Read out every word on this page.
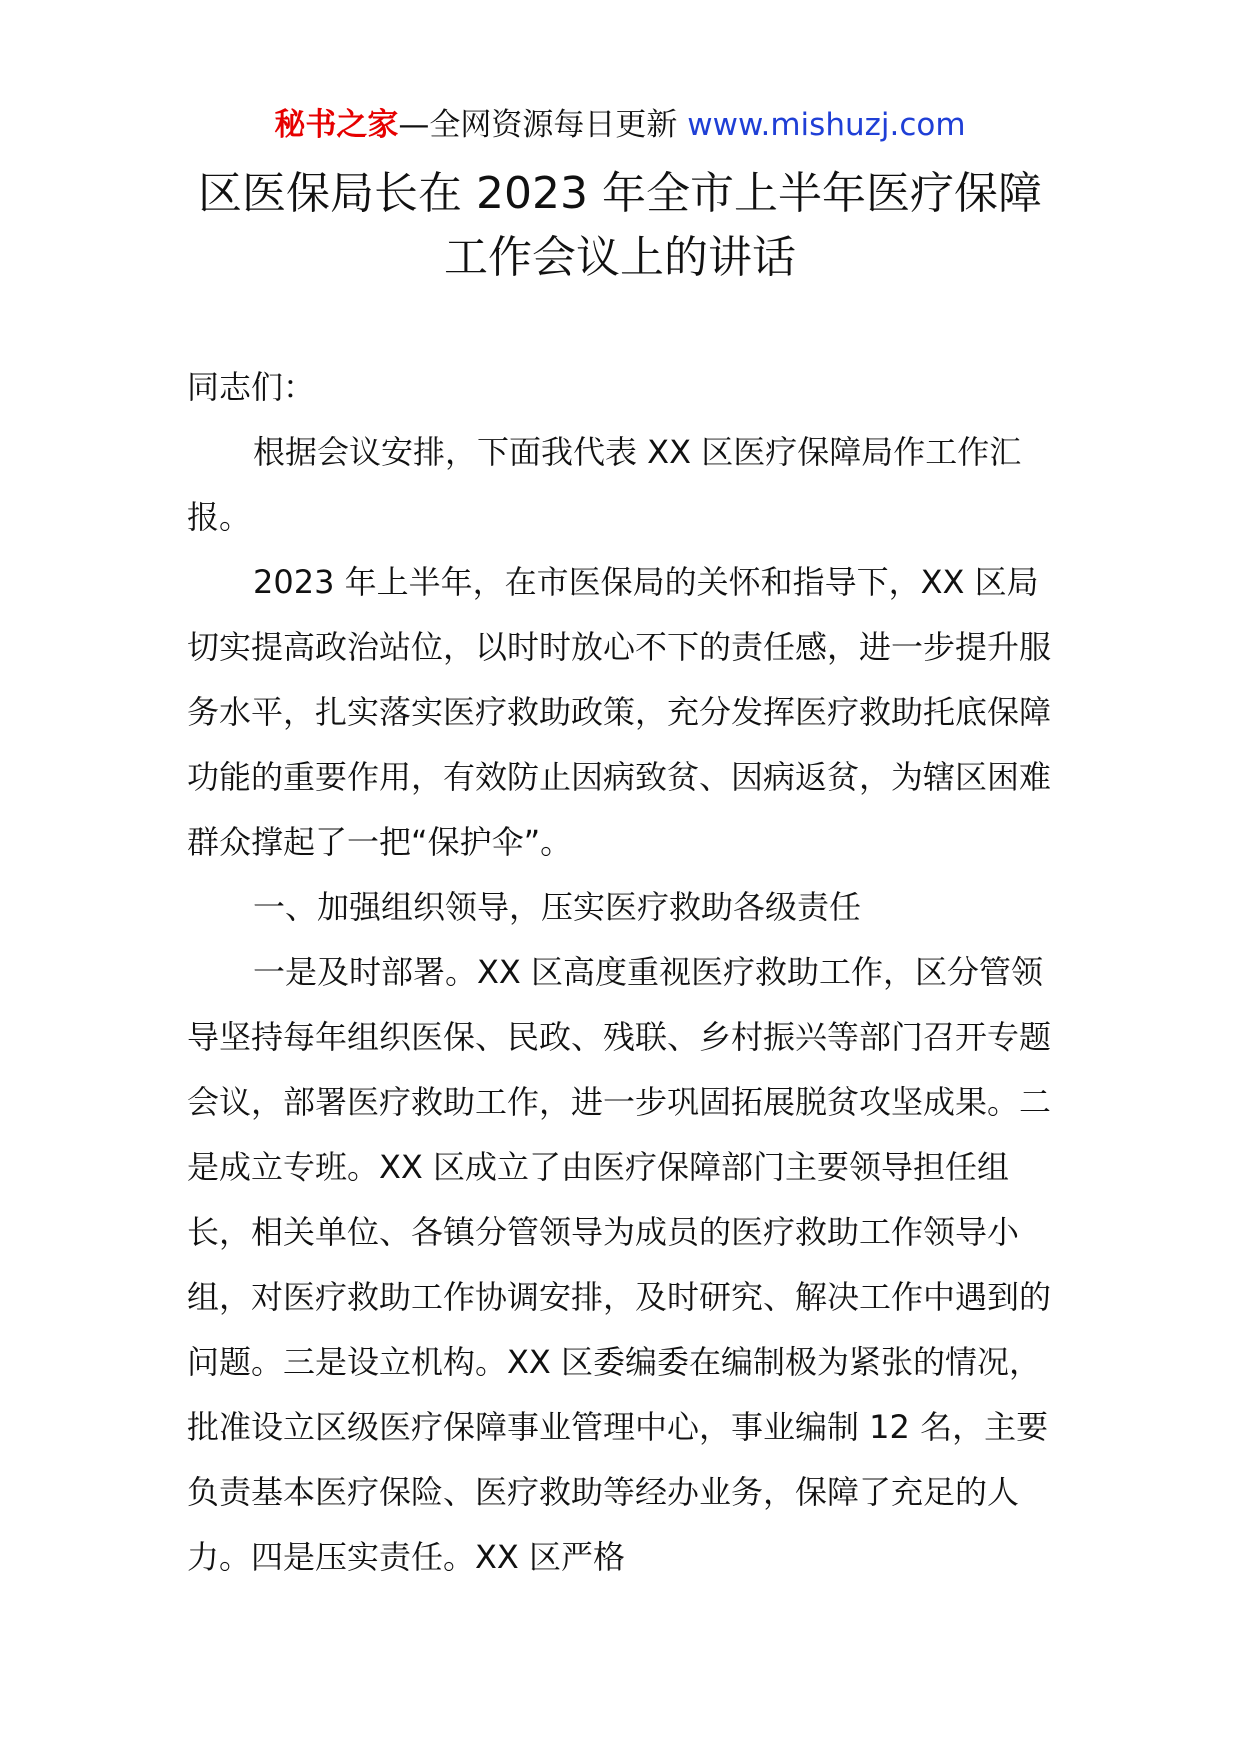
秘书之家—全网资源每日更新 www.mishuzj.com
区医保局长在 2023 年全市上半年医疗保障
工作会议上的讲话

同志们：

根据会议安排，下面我代表 XX 区医疗保障局作工作汇报。

2023 年上半年，在市医保局的关怀和指导下，XX 区局切实提高政治站位，以时时放心不下的责任感，进一步提升服务水平，扎实落实医疗救助政策，充分发挥医疗救助托底保障功能的重要作用，有效防止因病致贫、因病返贫，为辖区困难群众撑起了一把“保护伞”。

一、加强组织领导，压实医疗救助各级责任

一是及时部署。XX 区高度重视医疗救助工作，区分管领导坚持每年组织医保、民政、残联、乡村振兴等部门召开专题会议，部署医疗救助工作，进一步巩固拓展脱贫攻坚成果。二是成立专班。XX 区成立了由医疗保障部门主要领导担任组长，相关单位、各镇分管领导为成员的医疗救助工作领导小组，对医疗救助工作协调安排，及时研究、解决工作中遇到的问题。三是设立机构。XX 区委编委在编制极为紧张的情况，批准设立区级医疗保障事业管理中心，事业编制 12 名，主要负责基本医疗保险、医疗救助等经办业务，保障了充足的人力。四是压实责任。XX 区严格
